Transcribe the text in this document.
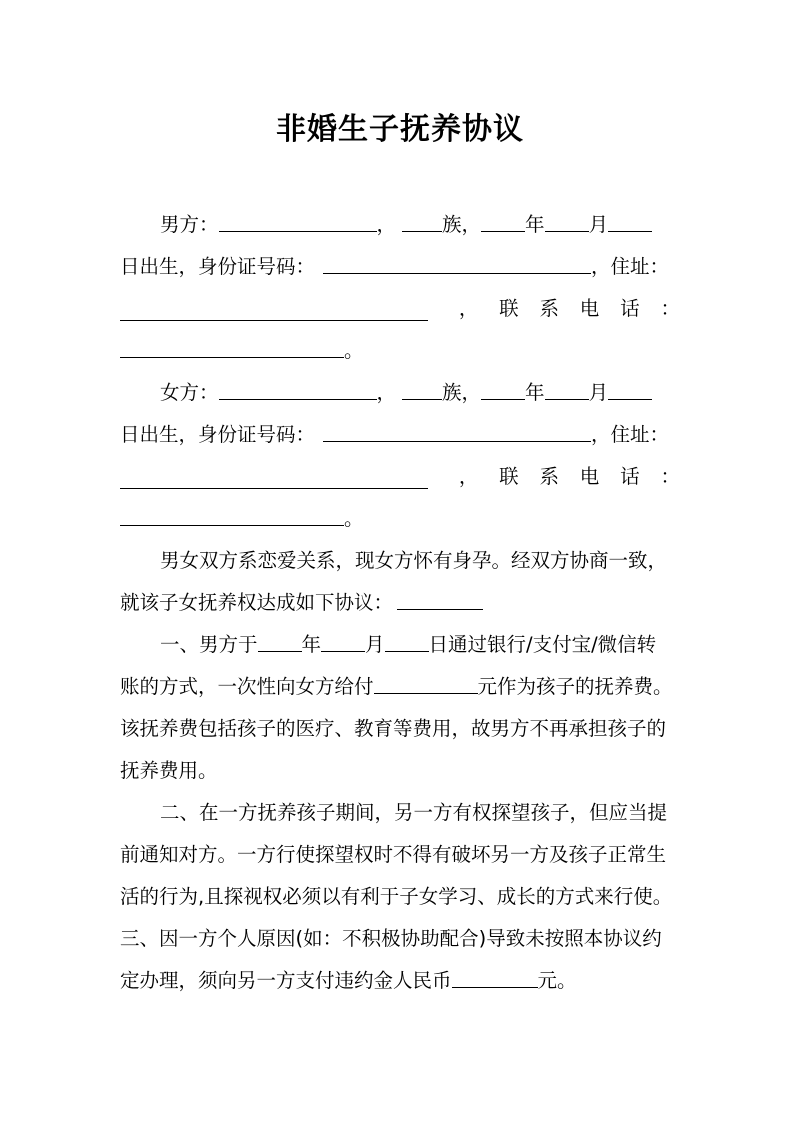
非婚生子抚养协议
男方：	， 族， 年 月
日出生，身份证号码：	，住址：
， 联 系 电 话 ：
。
女方：	， 族， 年 月
日出生，身份证号码：	，住址：
， 联 系 电 话 ：
。
男女双方系恋爱关系，现女方怀有身孕。经双方协商一致，
就该子女抚养权达成如下协议：
一、男方于 年 月 日通过银行/支付宝/微信转
账的方式，一次性向女方给付	元作为孩子的抚养费。
该抚养费包括孩子的医疗、教育等费用，故男方不再承担孩子的
抚养费用。
二、在一方抚养孩子期间，另一方有权探望孩子，但应当提
前通知对方。一方行使探望权时不得有破坏另一方及孩子正常生
活的行为,且探视权必须以有利于子女学习、成长的方式来行使。
三、因一方个人原因(如：不积极协助配合)导致未按照本协议约
定办理，须向另一方支付违约金人民币	元。
